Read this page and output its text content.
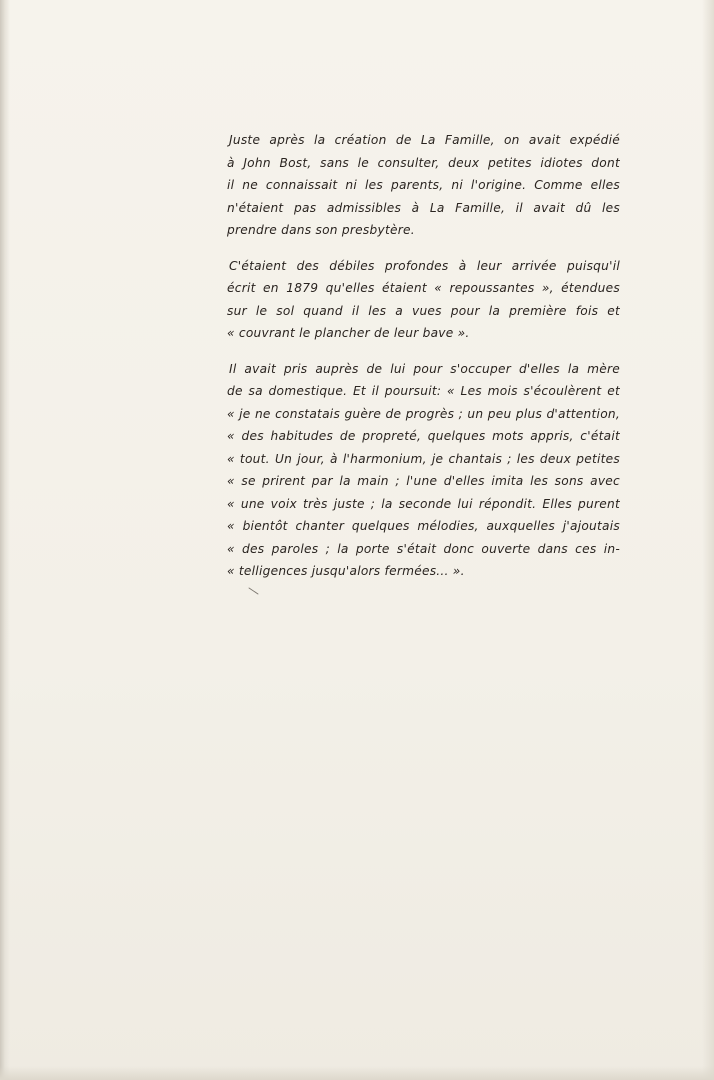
Juste après la création de La Famille, on avait expédié
à John Bost, sans le consulter, deux petites idiotes dont
il ne connaissait ni les parents, ni l'origine. Comme elles
n'étaient pas admissibles à La Famille, il avait dû les
prendre dans son presbytère.
C'étaient des débiles profondes à leur arrivée puisqu'il
écrit en 1879 qu'elles étaient « repoussantes », étendues
sur le sol quand il les a vues pour la première fois et
« couvrant le plancher de leur bave ».
Il avait pris auprès de lui pour s'occuper d'elles la mère
de sa domestique. Et il poursuit: « Les mois s'écoulèrent et
« je ne constatais guère de progrès ; un peu plus d'attention,
« des habitudes de propreté, quelques mots appris, c'était
« tout. Un jour, à l'harmonium, je chantais ; les deux petites
« se prirent par la main ; l'une d'elles imita les sons avec
« une voix très juste ; la seconde lui répondit. Elles purent
« bientôt chanter quelques mélodies, auxquelles j'ajoutais
« des paroles ; la porte s'était donc ouverte dans ces in-
« telligences jusqu'alors fermées... ».
